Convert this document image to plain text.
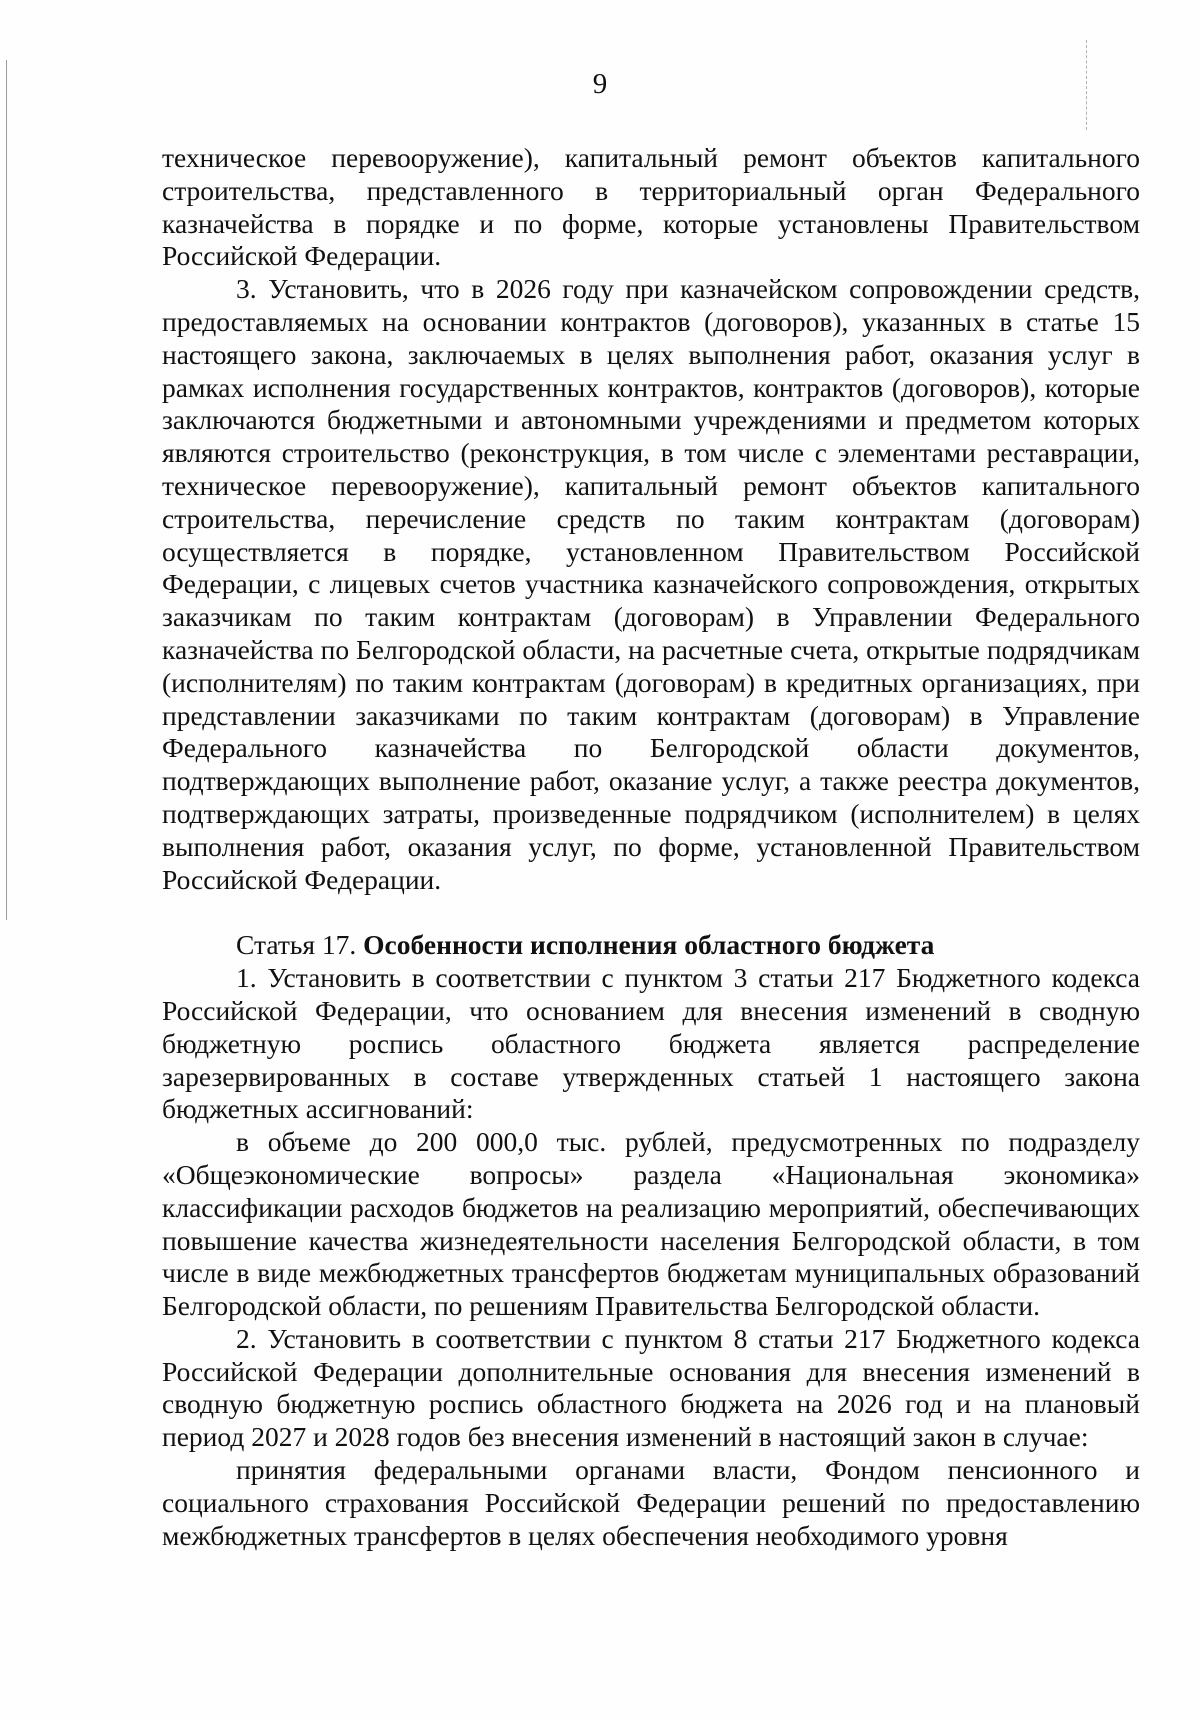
9

техническое перевооружение), капитальный ремонт объектов капитального строительства, представленного в территориальный орган Федерального казначейства в порядке и по форме, которые установлены Правительством Российской Федерации.

3. Установить, что в 2026 году при казначейском сопровождении средств, предоставляемых на основании контрактов (договоров), указанных в статье 15 настоящего закона, заключаемых в целях выполнения работ, оказания услуг в рамках исполнения государственных контрактов, контрактов (договоров), которые заключаются бюджетными и автономными учреждениями и предметом которых являются строительство (реконструкция, в том числе с элементами реставрации, техническое перевооружение), капитальный ремонт объектов капитального строительства, перечисление средств по таким контрактам (договорам) осуществляется в порядке, установленном Правительством Российской Федерации, с лицевых счетов участника казначейского сопровождения, открытых заказчикам по таким контрактам (договорам) в Управлении Федерального казначейства по Белгородской области, на расчетные счета, открытые подрядчикам (исполнителям) по таким контрактам (договорам) в кредитных организациях, при представлении заказчиками по таким контрактам (договорам) в Управление Федерального казначейства по Белгородской области документов, подтверждающих выполнение работ, оказание услуг, а также реестра документов, подтверждающих затраты, произведенные подрядчиком (исполнителем) в целях выполнения работ, оказания услуг, по форме, установленной Правительством Российской Федерации.

Статья 17. Особенности исполнения областного бюджета

1. Установить в соответствии с пунктом 3 статьи 217 Бюджетного кодекса Российской Федерации, что основанием для внесения изменений в сводную бюджетную роспись областного бюджета является распределение зарезервированных в составе утвержденных статьей 1 настоящего закона бюджетных ассигнований:

в объеме до 200 000,0 тыс. рублей, предусмотренных по подразделу «Общеэкономические вопросы» раздела «Национальная экономика» классификации расходов бюджетов на реализацию мероприятий, обеспечивающих повышение качества жизнедеятельности населения Белгородской области, в том числе в виде межбюджетных трансфертов бюджетам муниципальных образований Белгородской области, по решениям Правительства Белгородской области.

2. Установить в соответствии с пунктом 8 статьи 217 Бюджетного кодекса Российской Федерации дополнительные основания для внесения изменений в сводную бюджетную роспись областного бюджета на 2026 год и на плановый период 2027 и 2028 годов без внесения изменений в настоящий закон в случае:

принятия федеральными органами власти, Фондом пенсионного и социального страхования Российской Федерации решений по предоставлению межбюджетных трансфертов в целях обеспечения необходимого уровня
